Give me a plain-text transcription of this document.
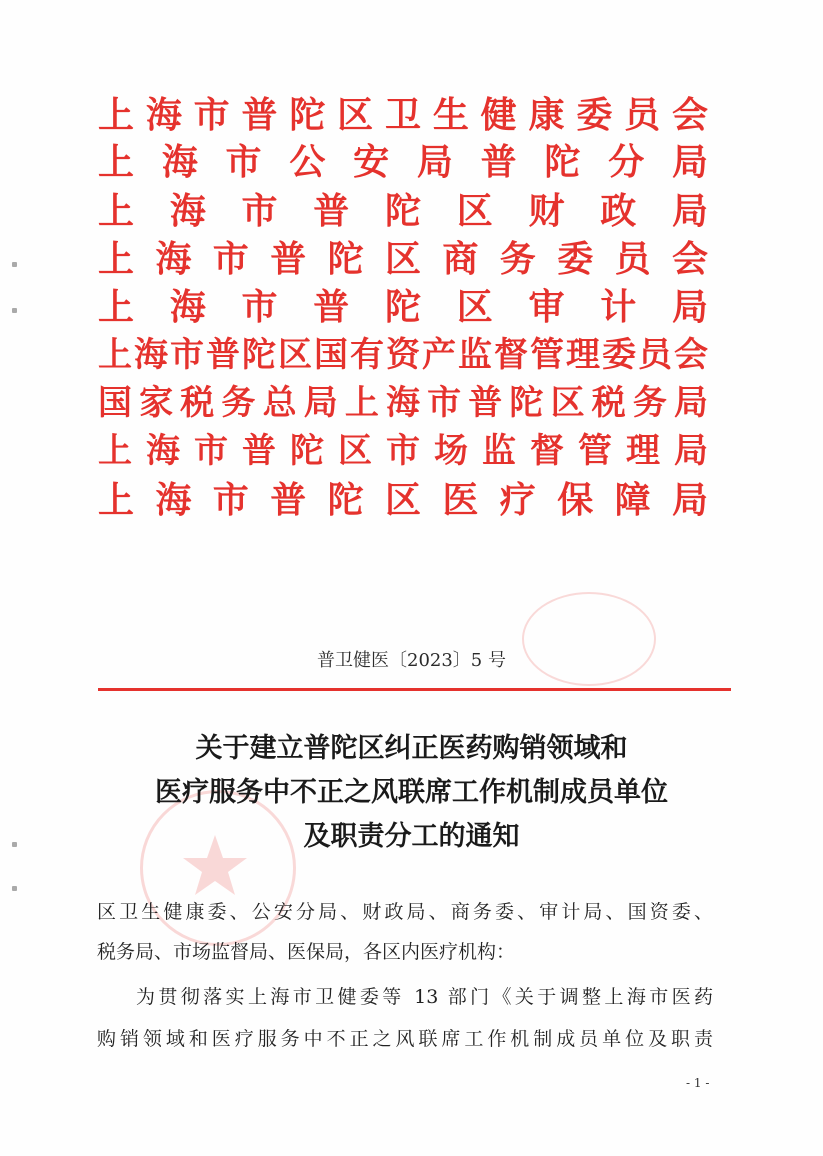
上海市普陀区卫生健康委员会
上海市公安局普陀分局
上海市普陀区财政局
上海市普陀区商务委员会
上海市普陀区审计局
上海市普陀区国有资产监督管理委员会
国家税务总局上海市普陀区税务局
上海市普陀区市场监督管理局
上海市普陀区医疗保障局
普卫健医〔2023〕5 号
关于建立普陀区纠正医药购销领域和
医疗服务中不正之风联席工作机制成员单位
及职责分工的通知
区卫生健康委、公安分局、财政局、商务委、审计局、国资委、
税务局、市场监督局、医保局，各区内医疗机构：
为贯彻落实上海市卫健委等 13 部门《关于调整上海市医药
购销领域和医疗服务中不正之风联席工作机制成员单位及职责
- 1 -
